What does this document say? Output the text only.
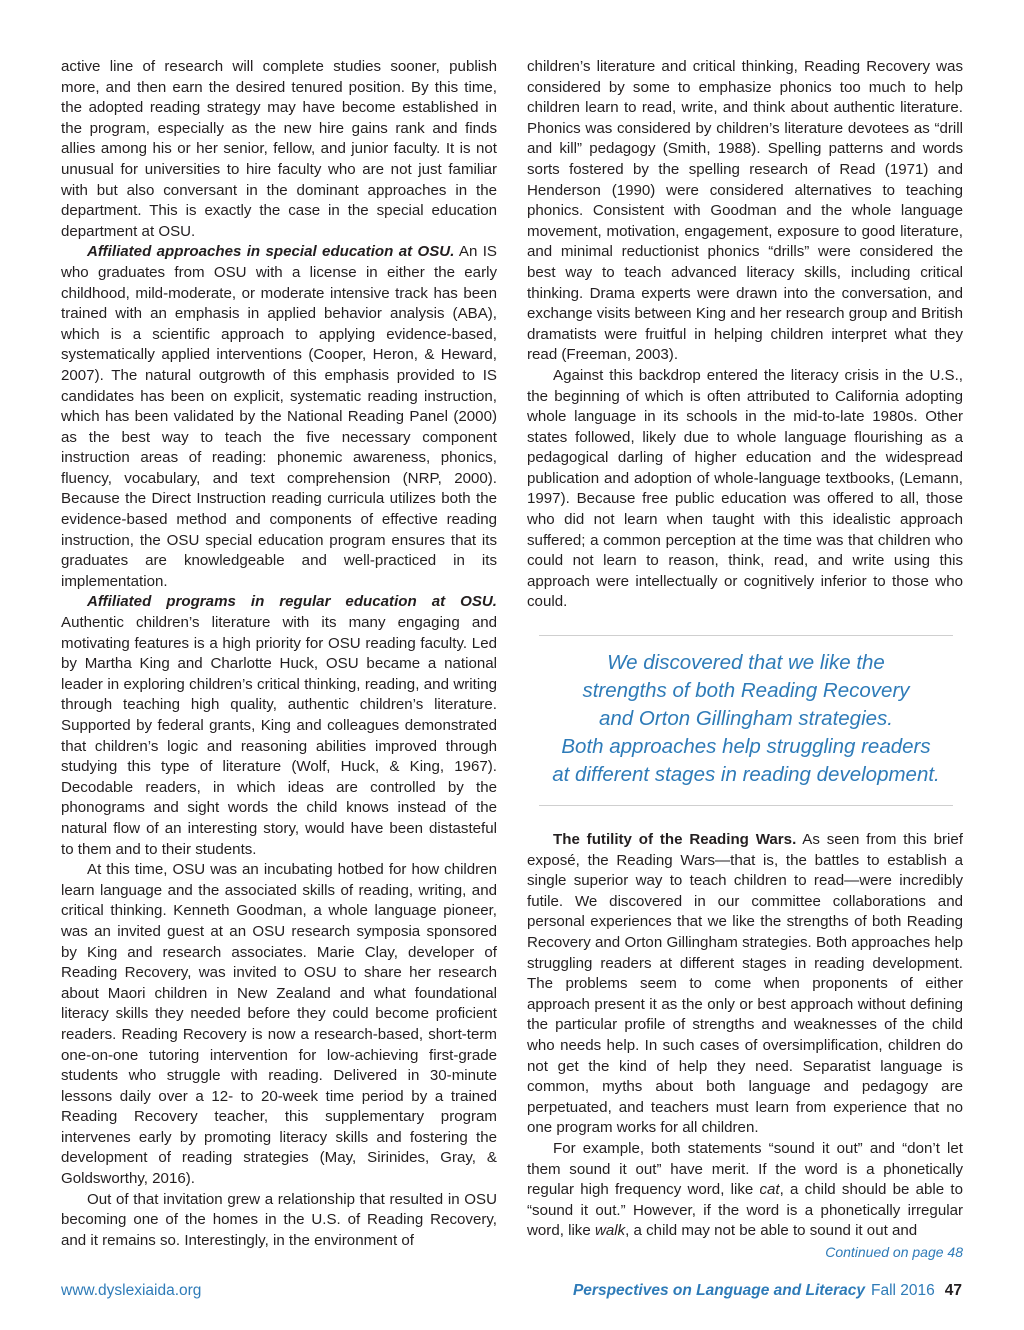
active line of research will complete studies sooner, publish more, and then earn the desired tenured position. By this time, the adopted reading strategy may have become established in the program, especially as the new hire gains rank and finds allies among his or her senior, fellow, and junior faculty. It is not unusual for universities to hire faculty who are not just familiar with but also conversant in the dominant approaches in the department. This is exactly the case in the special education department at OSU.

Affiliated approaches in special education at OSU. An IS who graduates from OSU with a license in either the early childhood, mild-moderate, or moderate intensive track has been trained with an emphasis in applied behavior analysis (ABA), which is a scientific approach to applying evidence-based, systematically applied interventions (Cooper, Heron, & Heward, 2007). The natural outgrowth of this emphasis provided to IS candidates has been on explicit, systematic reading instruction, which has been validated by the National Reading Panel (2000) as the best way to teach the five necessary component instruction areas of reading: phonemic awareness, phonics, fluency, vocabulary, and text comprehension (NRP, 2000). Because the Direct Instruction reading curricula utilizes both the evidence-based method and components of effective reading instruction, the OSU special education program ensures that its graduates are knowledgeable and well-practiced in its implementation.

Affiliated programs in regular education at OSU. Authentic children’s literature with its many engaging and motivating features is a high priority for OSU reading faculty. Led by Martha King and Charlotte Huck, OSU became a national leader in exploring children’s critical thinking, reading, and writing through teaching high quality, authentic children’s literature. Supported by federal grants, King and colleagues demonstrated that children’s logic and reasoning abilities improved through studying this type of literature (Wolf, Huck, & King, 1967). Decodable readers, in which ideas are controlled by the phonograms and sight words the child knows instead of the natural flow of an interesting story, would have been distasteful to them and to their students.

At this time, OSU was an incubating hotbed for how children learn language and the associated skills of reading, writing, and critical thinking. Kenneth Goodman, a whole language pioneer, was an invited guest at an OSU research symposia sponsored by King and research associates. Marie Clay, developer of Reading Recovery, was invited to OSU to share her research about Maori children in New Zealand and what foundational literacy skills they needed before they could become proficient readers. Reading Recovery is now a research-based, short-term one-on-one tutoring intervention for low-achieving first-grade students who struggle with reading. Delivered in 30-minute lessons daily over a 12- to 20-week time period by a trained Reading Recovery teacher, this supplementary program intervenes early by promoting literacy skills and fostering the development of reading strategies (May, Sirinides, Gray, & Goldsworthy, 2016).

Out of that invitation grew a relationship that resulted in OSU becoming one of the homes in the U.S. of Reading Recovery, and it remains so. Interestingly, in the environment of

children’s literature and critical thinking, Reading Recovery was considered by some to emphasize phonics too much to help children learn to read, write, and think about authentic literature. Phonics was considered by children’s literature devotees as “drill and kill” pedagogy (Smith, 1988). Spelling patterns and words sorts fostered by the spelling research of Read (1971) and Henderson (1990) were considered alternatives to teaching phonics. Consistent with Goodman and the whole language movement, motivation, engagement, exposure to good literature, and minimal reductionist phonics “drills” were considered the best way to teach advanced literacy skills, including critical thinking. Drama experts were drawn into the conversation, and exchange visits between King and her research group and British dramatists were fruitful in helping children interpret what they read (Freeman, 2003).

Against this backdrop entered the literacy crisis in the U.S., the beginning of which is often attributed to California adopting whole language in its schools in the mid-to-late 1980s. Other states followed, likely due to whole language flourishing as a pedagogical darling of higher education and the widespread publication and adoption of whole-language textbooks, (Lemann, 1997). Because free public education was offered to all, those who did not learn when taught with this idealistic approach suffered; a common perception at the time was that children who could not learn to reason, think, read, and write using this approach were intellectually or cognitively inferior to those who could.

We discovered that we like the
strengths of both Reading Recovery
and Orton Gillingham strategies.
Both approaches help struggling readers
at different stages in reading development.

The futility of the Reading Wars. As seen from this brief exposé, the Reading Wars—that is, the battles to establish a single superior way to teach children to read—were incredibly futile. We discovered in our committee collaborations and personal experiences that we like the strengths of both Reading Recovery and Orton Gillingham strategies. Both approaches help struggling readers at different stages in reading development. The problems seem to come when proponents of either approach present it as the only or best approach without defining the particular profile of strengths and weaknesses of the child who needs help. In such cases of oversimplification, children do not get the kind of help they need. Separatist language is common, myths about both language and pedagogy are perpetuated, and teachers must learn from experience that no one program works for all children.

For example, both statements “sound it out” and “don’t let them sound it out” have merit. If the word is a phonetically regular high frequency word, like cat, a child should be able to “sound it out.” However, if the word is a phonetically irregular word, like walk, a child may not be able to sound it out and

Continued on page 48
www.dyslexiaida.org	Perspectives on Language and Literacy Fall 2016 47
